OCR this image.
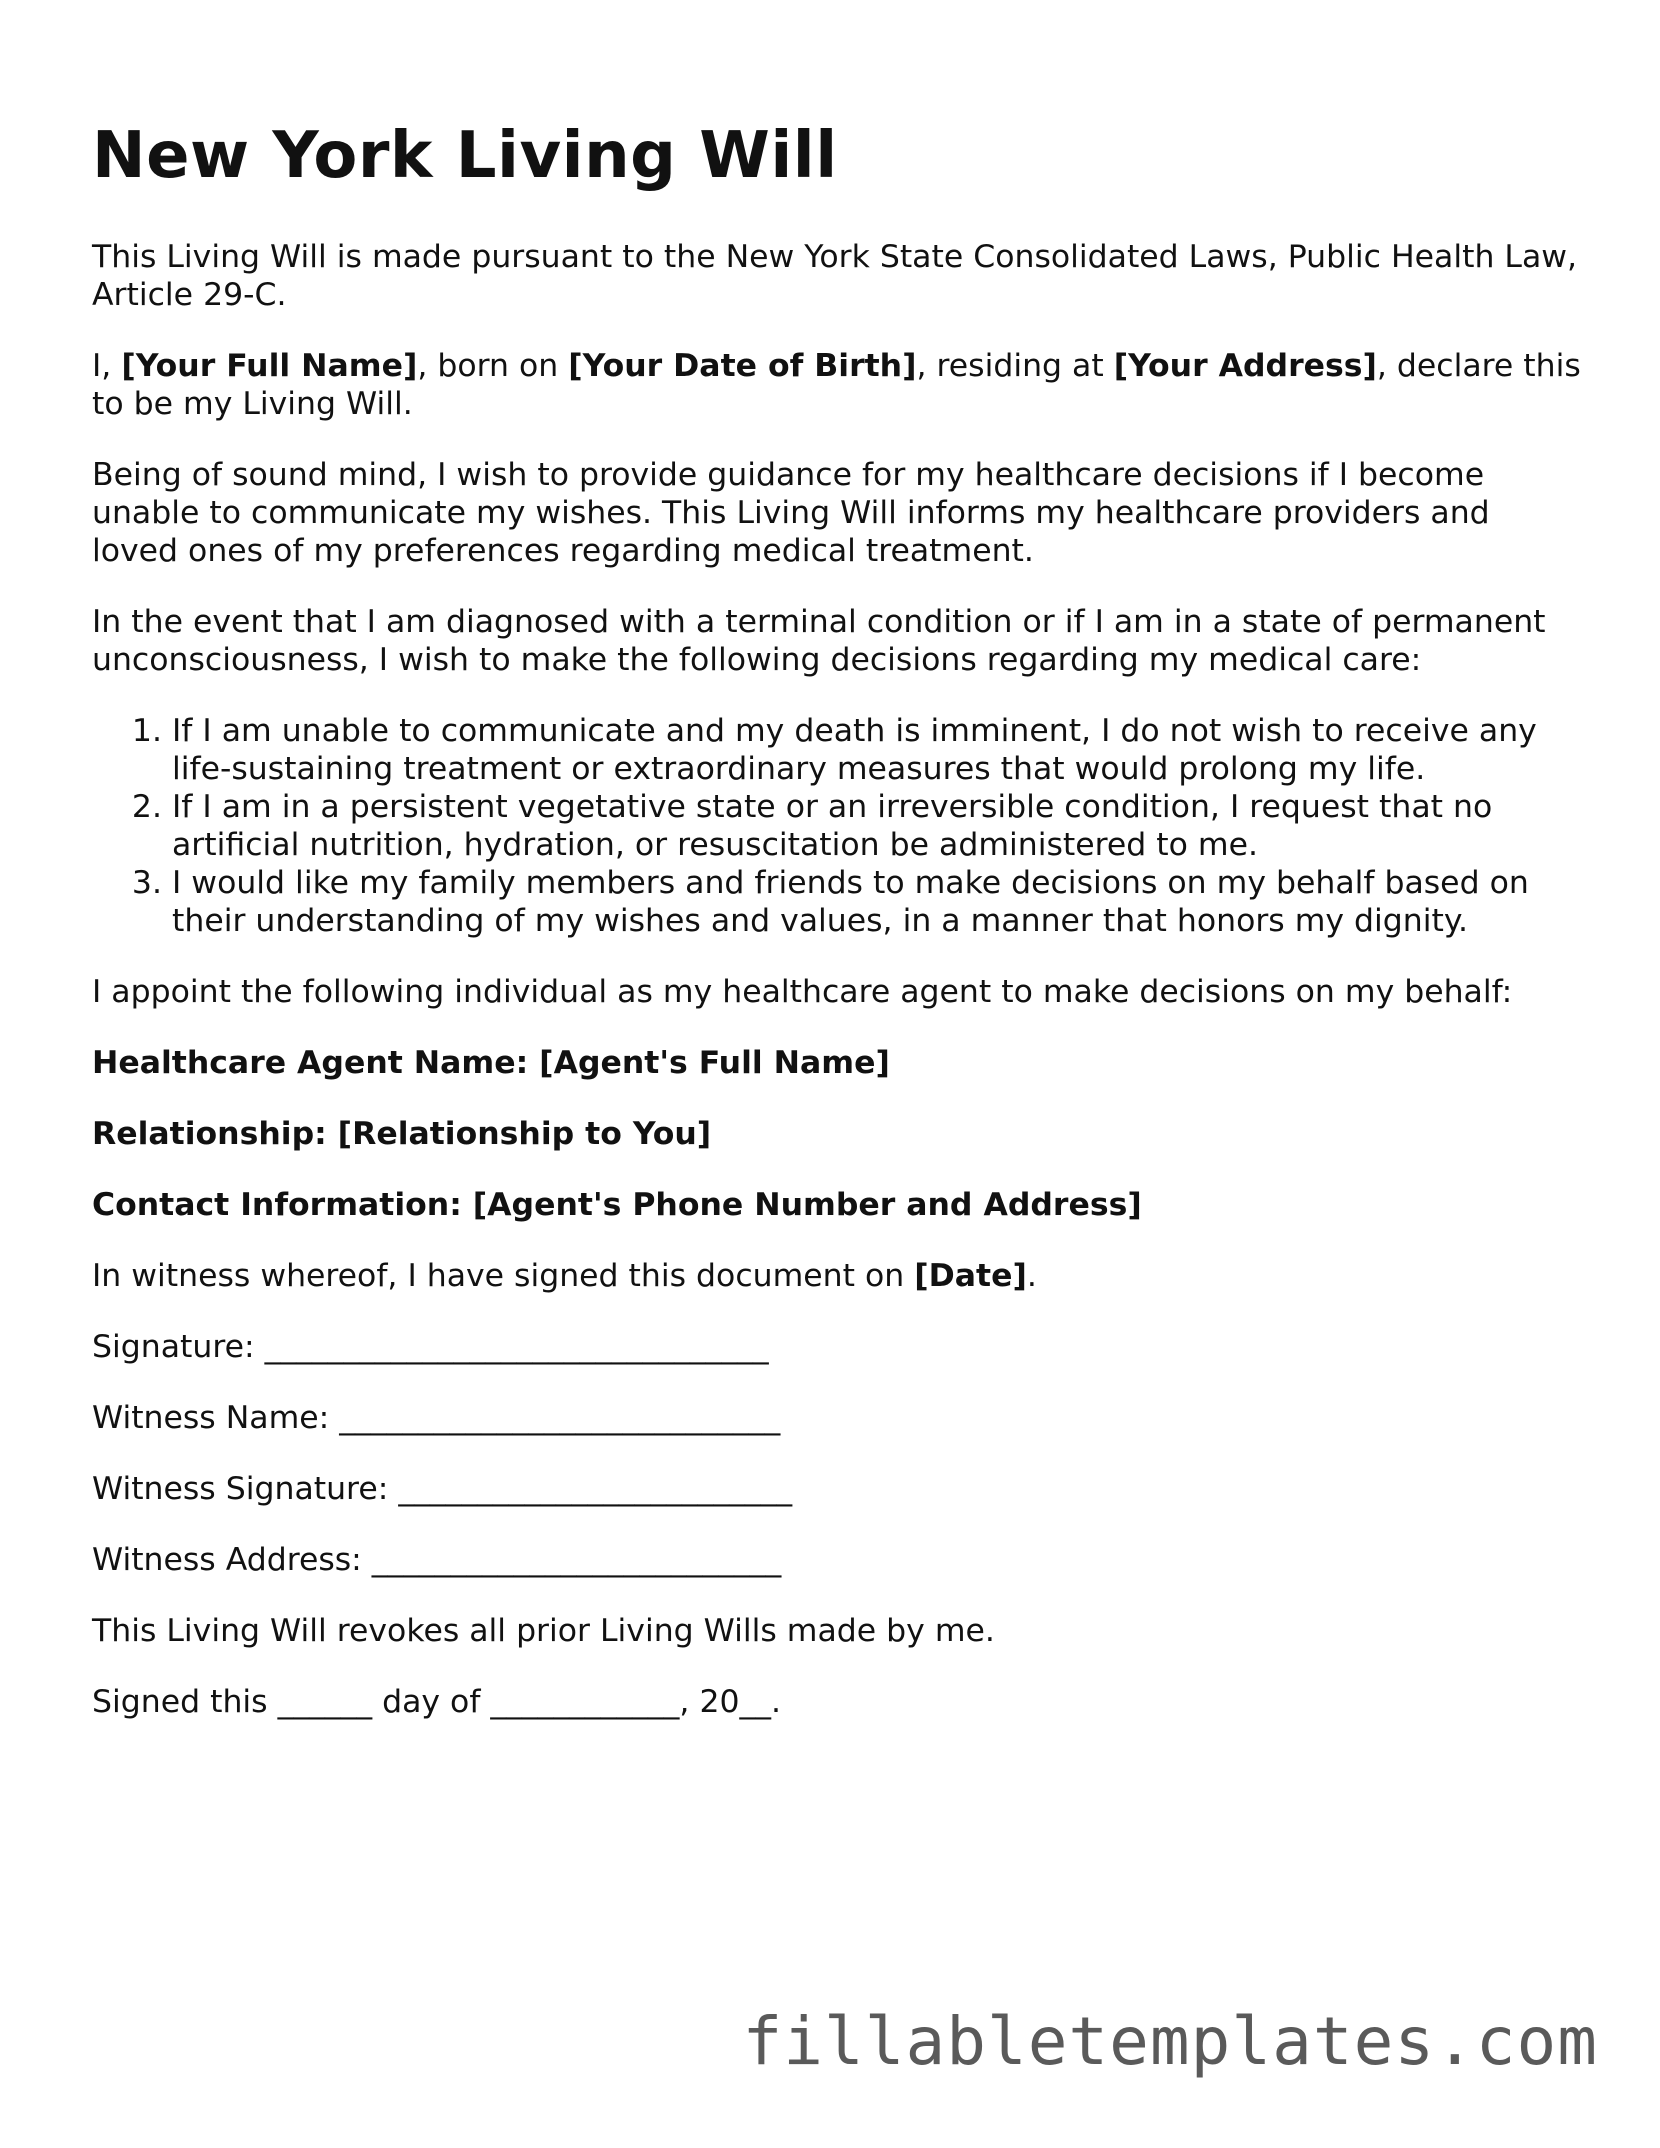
New York Living Will

This Living Will is made pursuant to the New York State Consolidated Laws, Public Health Law, Article 29-C.

I, [Your Full Name], born on [Your Date of Birth], residing at [Your Address], declare this to be my Living Will.

Being of sound mind, I wish to provide guidance for my healthcare decisions if I become unable to communicate my wishes. This Living Will informs my healthcare providers and loved ones of my preferences regarding medical treatment.

In the event that I am diagnosed with a terminal condition or if I am in a state of permanent unconsciousness, I wish to make the following decisions regarding my medical care:

1. If I am unable to communicate and my death is imminent, I do not wish to receive any life-sustaining treatment or extraordinary measures that would prolong my life.
2. If I am in a persistent vegetative state or an irreversible condition, I request that no artificial nutrition, hydration, or resuscitation be administered to me.
3. I would like my family members and friends to make decisions on my behalf based on their understanding of my wishes and values, in a manner that honors my dignity.

I appoint the following individual as my healthcare agent to make decisions on my behalf:

Healthcare Agent Name: [Agent's Full Name]

Relationship: [Relationship to You]

Contact Information: [Agent's Phone Number and Address]

In witness whereof, I have signed this document on [Date].

Signature: ________________________________
Witness Name: ____________________________
Witness Signature: _________________________
Witness Address: __________________________

This Living Will revokes all prior Living Wills made by me.

Signed this ______ day of ____________, 20__.
fillabletemplates.com
